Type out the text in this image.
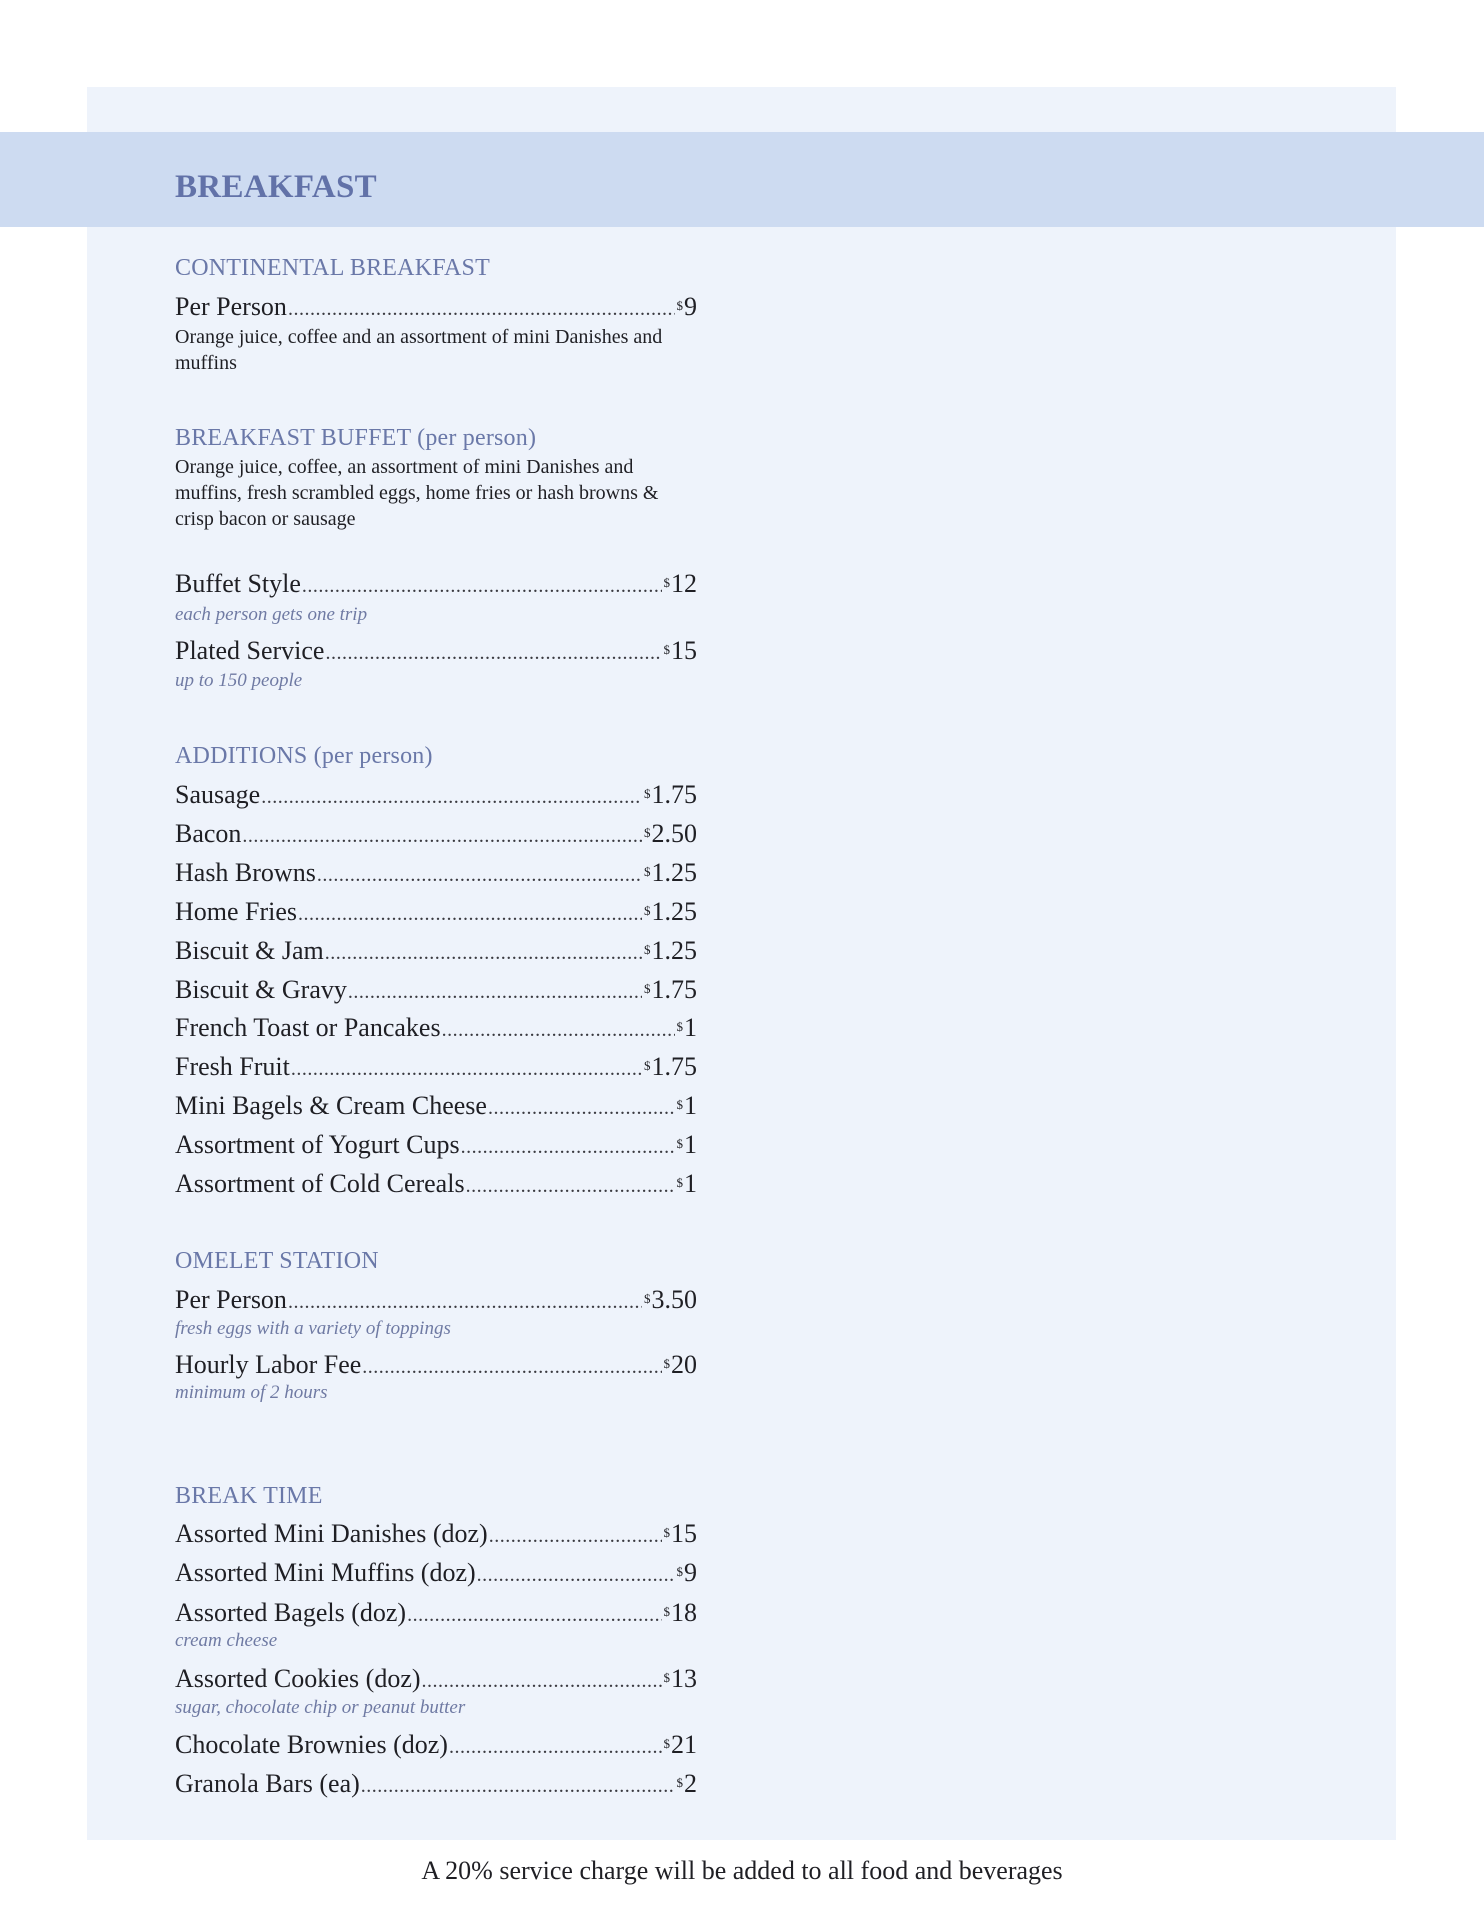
BREAKFAST
CONTINENTAL BREAKFAST
Per Person .....	$9
Orange juice, coffee and an assortment of mini Danishes and muffins
BREAKFAST BUFFET (per person)
Orange juice, coffee, an assortment of mini Danishes and muffins, fresh scrambled eggs, home fries or hash browns & crisp bacon or sausage
Buffet Style .....	$12
each person gets one trip
Plated Service .....	$15
up to 150 people
ADDITIONS (per person)
Sausage .....	$1.75
Bacon .....	$2.50
Hash Browns .....	$1.25
Home Fries .....	$1.25
Biscuit & Jam .....	$1.25
Biscuit & Gravy .....	$1.75
French Toast or Pancakes .....	$1
Fresh Fruit .....	$1.75
Mini Bagels & Cream Cheese .....	$1
Assortment of Yogurt Cups .....	$1
Assortment of Cold Cereals .....	$1
OMELET STATION
Per Person .....	$3.50
fresh eggs with a variety of toppings
Hourly Labor Fee .....	$20
minimum of 2 hours
BREAK TIME
Assorted Mini Danishes (doz) .....	$15
Assorted Mini Muffins (doz) .....	$9
Assorted Bagels (doz) .....	$18
cream cheese
Assorted Cookies (doz) .....	$13
sugar, chocolate chip or peanut butter
Chocolate Brownies (doz) .....	$21
Granola Bars (ea) .....	$2
A 20% service charge will be added to all food and beverages
